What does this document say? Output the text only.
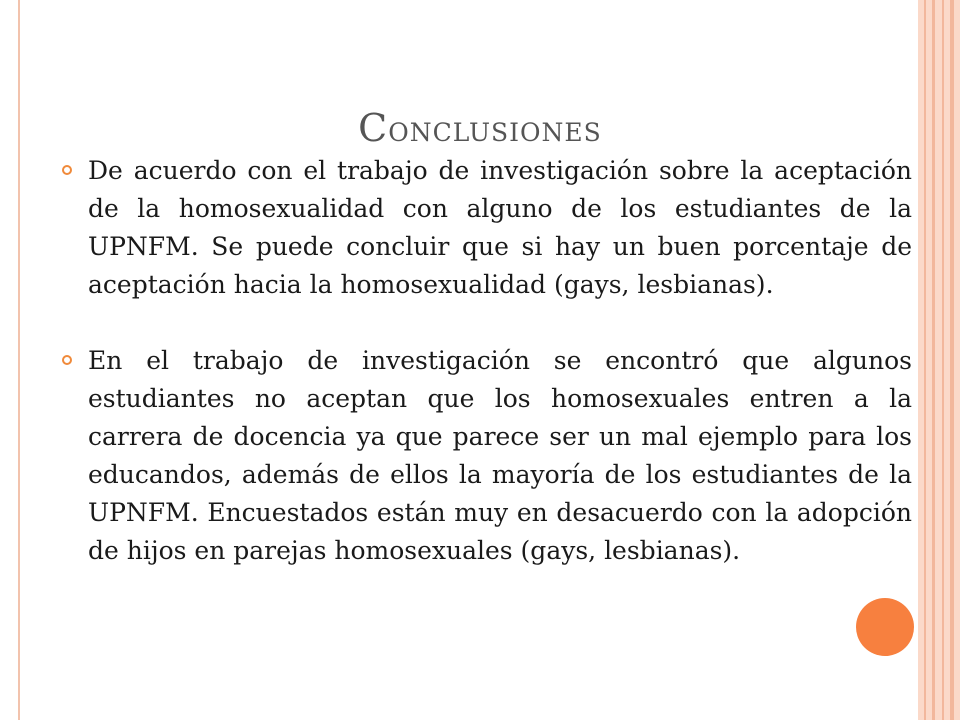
Conclusiones
De acuerdo con el trabajo de investigación sobre la aceptación de la homosexualidad con alguno de los estudiantes de la UPNFM. Se puede concluir que si hay un buen porcentaje de aceptación hacia la homosexualidad (gays, lesbianas).
En el trabajo de investigación se encontró que algunos estudiantes no aceptan que los homosexuales entren a la carrera de docencia ya que parece ser un mal ejemplo para los educandos, además de ellos la mayoría de los estudiantes de la UPNFM. Encuestados están muy en desacuerdo con la adopción de hijos en parejas homosexuales (gays, lesbianas).
